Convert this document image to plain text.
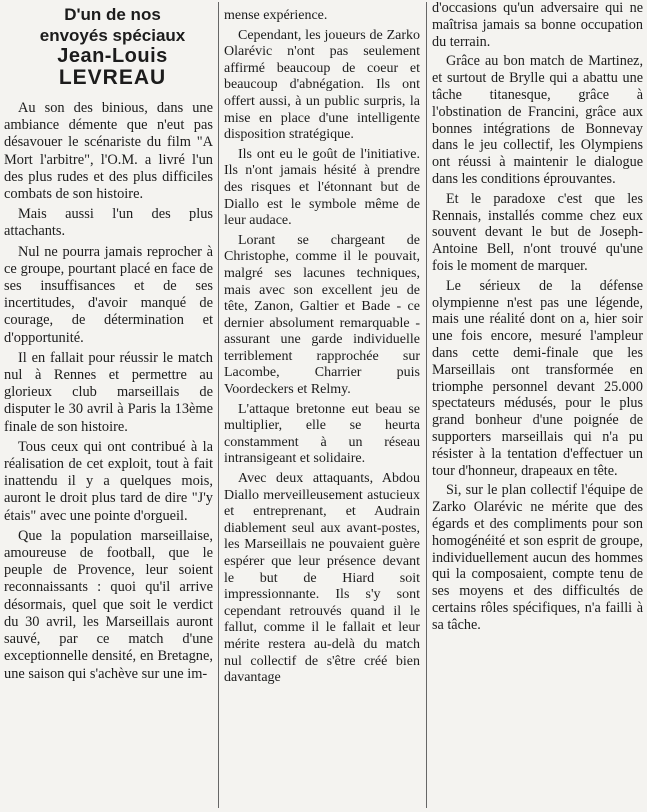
D'un de nos
envoyés spéciaux
Jean-Louis
LEVREAU

Au son des binious, dans une ambiance démente que n'eut pas désavouer le scénariste du film "A Mort l'arbitre", l'O.M. a livré l'un des plus rudes et des plus difficiles combats de son histoire.

Mais aussi l'un des plus attachants.

Nul ne pourra jamais reprocher à ce groupe, pourtant placé en face de ses insuffisances et de ses incertitudes, d'avoir manqué de courage, de détermination et d'opportunité.

Il en fallait pour réussir le match nul à Rennes et permettre au glorieux club marseillais de disputer le 30 avril à Paris la 13ème finale de son histoire.

Tous ceux qui ont contribué à la réalisation de cet exploit, tout à fait inattendu il y a quelques mois, auront le droit plus tard de dire "J'y étais" avec une pointe d'orgueil.

Que la population marseillaise, amoureuse de football, que le peuple de Provence, leur soient reconnaissants : quoi qu'il arrive désormais, quel que soit le verdict du 30 avril, les Marseillais auront sauvé, par ce match d'une exceptionnelle densité, en Bretagne, une saison qui s'achève sur une im-

mense expérience.

Cependant, les joueurs de Zarko Olarévic n'ont pas seulement affirmé beaucoup de coeur et beaucoup d'abnégation. Ils ont offert aussi, à un public surpris, la mise en place d'une intelligente disposition stratégique.

Ils ont eu le goût de l'initiative. Ils n'ont jamais hésité à prendre des risques et l'étonnant but de Diallo est le symbole même de leur audace.

Lorant se chargeant de Christophe, comme il le pouvait, malgré ses lacunes techniques, mais avec son excellent jeu de tête, Zanon, Galtier et Bade - ce dernier absolument remarquable - assurant une garde individuelle terriblement rapprochée sur Lacombe, Charrier puis Voordeckers et Relmy.

L'attaque bretonne eut beau se multiplier, elle se heurta constamment à un réseau intransigeant et solidaire.

Avec deux attaquants, Abdou Diallo merveilleusement astucieux et entreprenant, et Audrain diablement seul aux avant-postes, les Marseillais ne pouvaient guère espérer que leur présence devant le but de Hiard soit impressionnante. Ils s'y sont cependant retrouvés quand il le fallut, comme il le fallait et leur mérite restera au-delà du match nul collectif de s'être créé bien davantage

d'occasions qu'un adversaire qui ne maîtrisa jamais sa bonne occupation du terrain.

Grâce au bon match de Martinez, et surtout de Brylle qui a abattu une tâche titanesque, grâce à l'obstination de Francini, grâce aux bonnes intégrations de Bonnevay dans le jeu collectif, les Olympiens ont réussi à maintenir le dialogue dans les conditions éprouvantes.

Et le paradoxe c'est que les Rennais, installés comme chez eux souvent devant le but de Joseph-Antoine Bell, n'ont trouvé qu'une fois le moment de marquer.

Le sérieux de la défense olympienne n'est pas une légende, mais une réalité dont on a, hier soir une fois encore, mesuré l'ampleur dans cette demi-finale que les Marseillais ont transformée en triomphe personnel devant 25.000 spectateurs médusés, pour le plus grand bonheur d'une poignée de supporters marseillais qui n'a pu résister à la tentation d'effectuer un tour d'honneur, drapeaux en tête.

Si, sur le plan collectif l'équipe de Zarko Olarévic ne mérite que des égards et des compliments pour son homogénéité et son esprit de groupe, individuellement aucun des hommes qui la composaient, compte tenu de ses moyens et des difficultés de certains rôles spécifiques, n'a failli à sa tâche.
